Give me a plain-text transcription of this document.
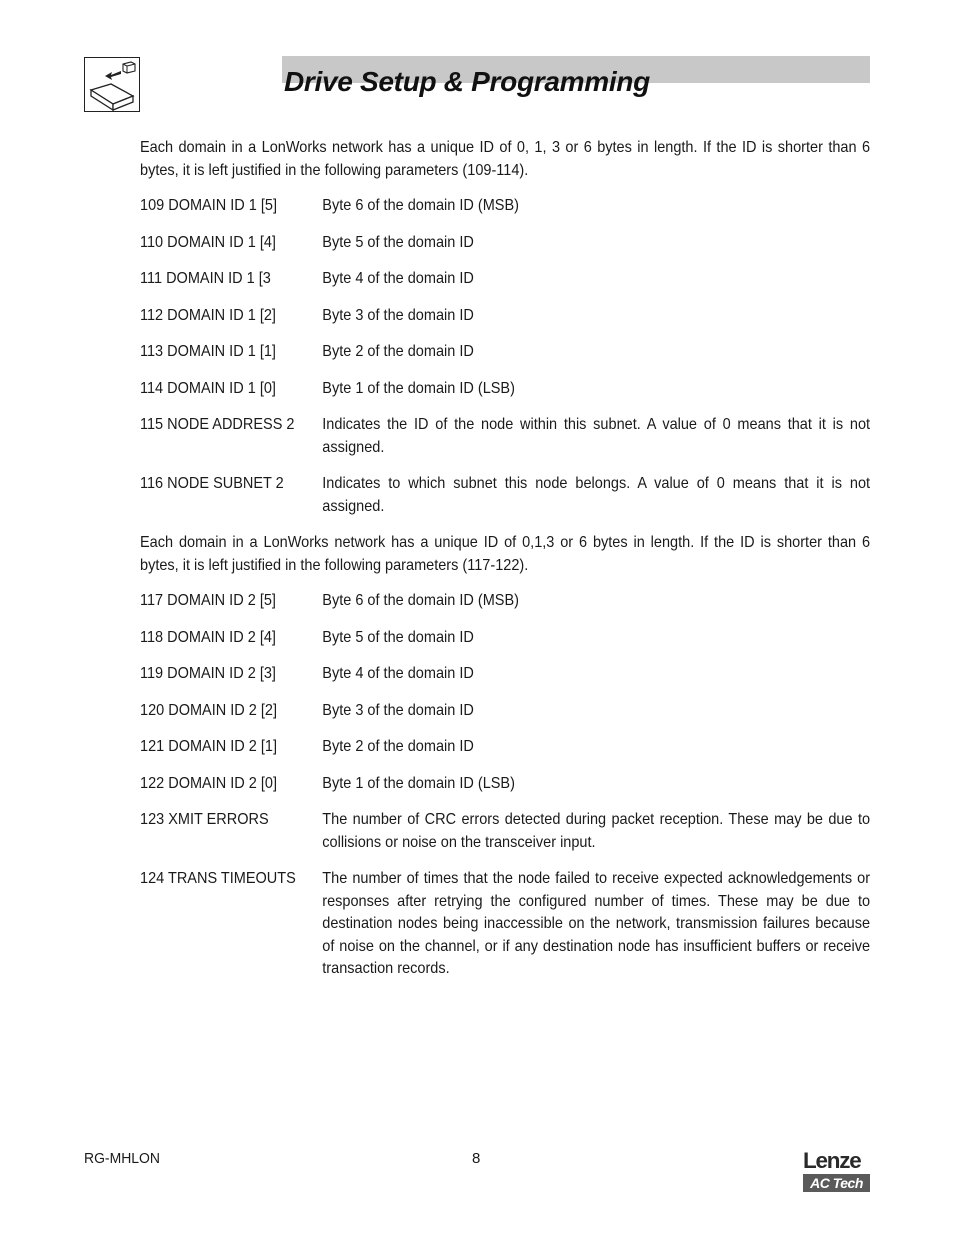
Drive Setup & Programming

Each domain in a LonWorks network has a unique ID of 0, 1, 3 or 6 bytes in length. If the ID is shorter than 6 bytes, it is left justified in the following parameters (109-114).

109 DOMAIN ID 1 [5]	Byte 6 of the domain ID (MSB)
110 DOMAIN ID 1 [4]	Byte 5 of the domain ID
111 DOMAIN ID 1 [3	Byte 4 of the domain ID
112 DOMAIN ID 1 [2]	Byte 3 of the domain ID
113 DOMAIN ID 1 [1]	Byte 2 of the domain ID
114 DOMAIN ID 1 [0]	Byte 1 of the domain ID (LSB)
115 NODE ADDRESS 2	Indicates the ID of the node within this subnet. A value of 0 means that it is not assigned.
116 NODE SUBNET 2	Indicates to which subnet this node belongs. A value of 0 means that it is not assigned.

Each domain in a LonWorks network has a unique ID of 0,1,3 or 6 bytes in length. If the ID is shorter than 6 bytes, it is left justified in the following parameters (117-122).

117 DOMAIN ID 2 [5]	Byte 6 of the domain ID (MSB)
118 DOMAIN ID 2 [4]	Byte 5 of the domain ID
119 DOMAIN ID 2 [3]	Byte 4 of the domain ID
120 DOMAIN ID 2 [2]	Byte 3 of the domain ID
121 DOMAIN ID 2 [1]	Byte 2 of the domain ID
122 DOMAIN ID 2 [0]	Byte 1 of the domain ID (LSB)
123 XMIT ERRORS	The number of CRC errors detected during packet reception. These may be due to collisions or noise on the transceiver input.
124 TRANS TIMEOUTS	The number of times that the node failed to receive expected acknowledgements or responses after retrying the configured number of times. These may be due to destination nodes being inaccessible on the network, transmission failures because of noise on the channel, or if any destination node has insufficient buffers or receive transaction records.
RG-MHLON	8	Lenze
AC Tech
